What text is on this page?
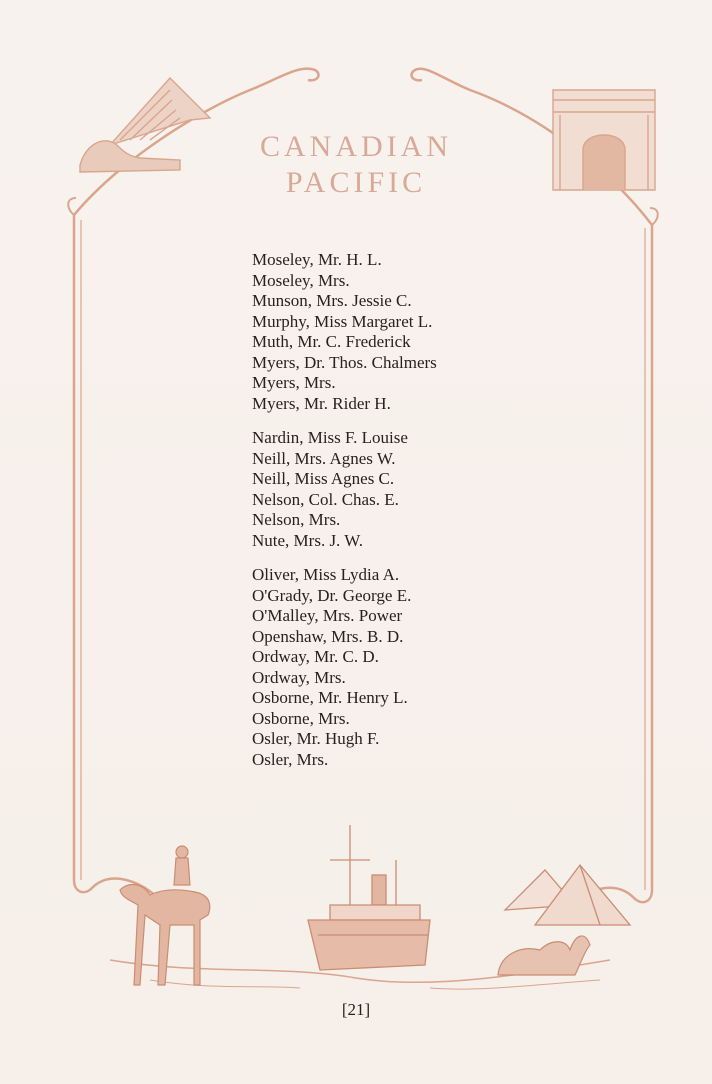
CANADIAN
PACIFIC
Moseley, Mr. H. L.
Moseley, Mrs.
Munson, Mrs. Jessie C.
Murphy, Miss Margaret L.
Muth, Mr. C. Frederick
Myers, Dr. Thos. Chalmers
Myers, Mrs.
Myers, Mr. Rider H.
Nardin, Miss F. Louise
Neill, Mrs. Agnes W.
Neill, Miss Agnes C.
Nelson, Col. Chas. E.
Nelson, Mrs.
Nute, Mrs. J. W.
Oliver, Miss Lydia A.
O'Grady, Dr. George E.
O'Malley, Mrs. Power
Openshaw, Mrs. B. D.
Ordway, Mr. C. D.
Ordway, Mrs.
Osborne, Mr. Henry L.
Osborne, Mrs.
Osler, Mr. Hugh F.
Osler, Mrs.
[21]
